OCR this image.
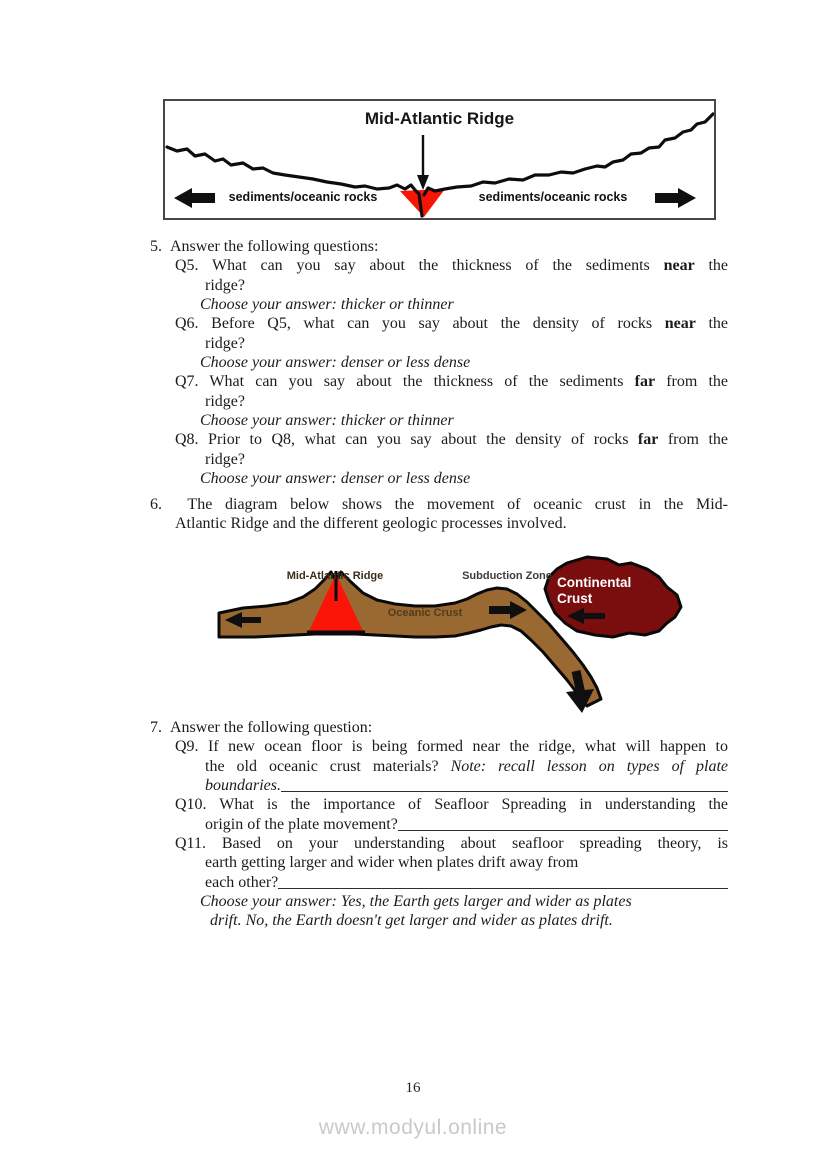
Mid-Atlantic Ridge
sediments/oceanic rocks	sediments/oceanic rocks
5.  Answer the following questions:
Q5. What can you say about the thickness of the sediments near the
ridge?
Choose your answer: thicker or thinner
Q6. Before Q5, what can you say about the density of rocks near the
ridge?
Choose your answer: denser or less dense
Q7. What can you say about the thickness of the sediments far from the
ridge?
Choose your answer: thicker or thinner
Q8. Prior to Q8, what can you say about the density of rocks far from the
ridge?
Choose your answer: denser or less dense
6.  The diagram below shows the movement of oceanic crust in the Mid-
Atlantic Ridge and the different geologic processes involved.
Mid-Atlantic Ridge	Subduction Zone
Oceanic Crust
Continental
Crust
7.  Answer the following question:
Q9. If new ocean floor is being formed near the ridge, what will happen to
the old oceanic crust materials? Note: recall lesson on types of plate
boundaries.
Q10. What is the importance of Seafloor Spreading in understanding the
origin of the plate movement?
Q11. Based on your understanding about seafloor spreading theory, is
earth getting larger and wider when plates drift away from
each other?
Choose your answer: Yes, the Earth gets larger and wider as plates
drift. No, the Earth doesn't get larger and wider as plates drift.
16
www.modyul.online
